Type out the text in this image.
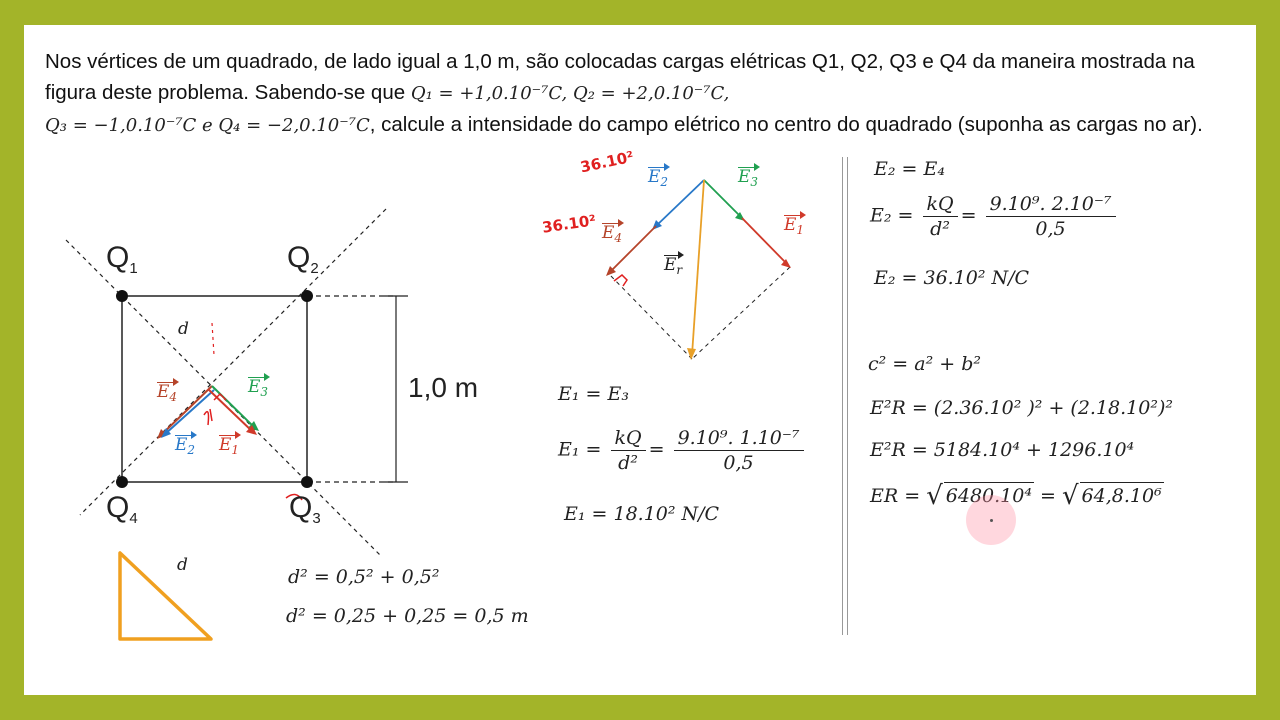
Nos vértices de um quadrado, de lado igual a 1,0 m, são colocadas cargas elétricas Q1, Q2, Q3 e Q4 da maneira mostrada na figura deste problema. Sabendo-se que Q₁ = +1,0.10⁻⁷C, Q₂ = +2,0.10⁻⁷C,
Q₃ = −1,0.10⁻⁷C e Q₄ = −2,0.10⁻⁷C, calcule a intensidade do campo elétrico no centro do quadrado (suponha as cargas no ar).
$Q_1$	$Q_2$
$Q_4$	$Q_3$
d
1,0 m
$E_4$	$E_3$
$E_2$ $E_1$
d
d² = 0,5² + 0,5²
d² = 0,25 + 0,25 = 0,5 m
36.10²
36.10²
$E_2$	$E_3$
$E_1$
$E_4$
$E_r$
E₁ = E₃
$E_1 = \frac{kQ}{\text{d²}} = \frac{\text{9.10⁹. 1.10⁻⁷}}{0,5}$
E₁ = 18.10² N/C
E₂ = E₄
$E_2 = \frac{kQ}{\text{d²}} = \frac{\text{9.10⁹. 2.10⁻⁷}}{0,5}$
E₂ = 36.10² N/C
c² = a² + b²
E²R = (2.36.10² )² + (2.18.10²)²
E²R = 5184.10⁴ + 1296.10⁴
ER = √ 6480.10⁴ = √ 64,8.10⁶
